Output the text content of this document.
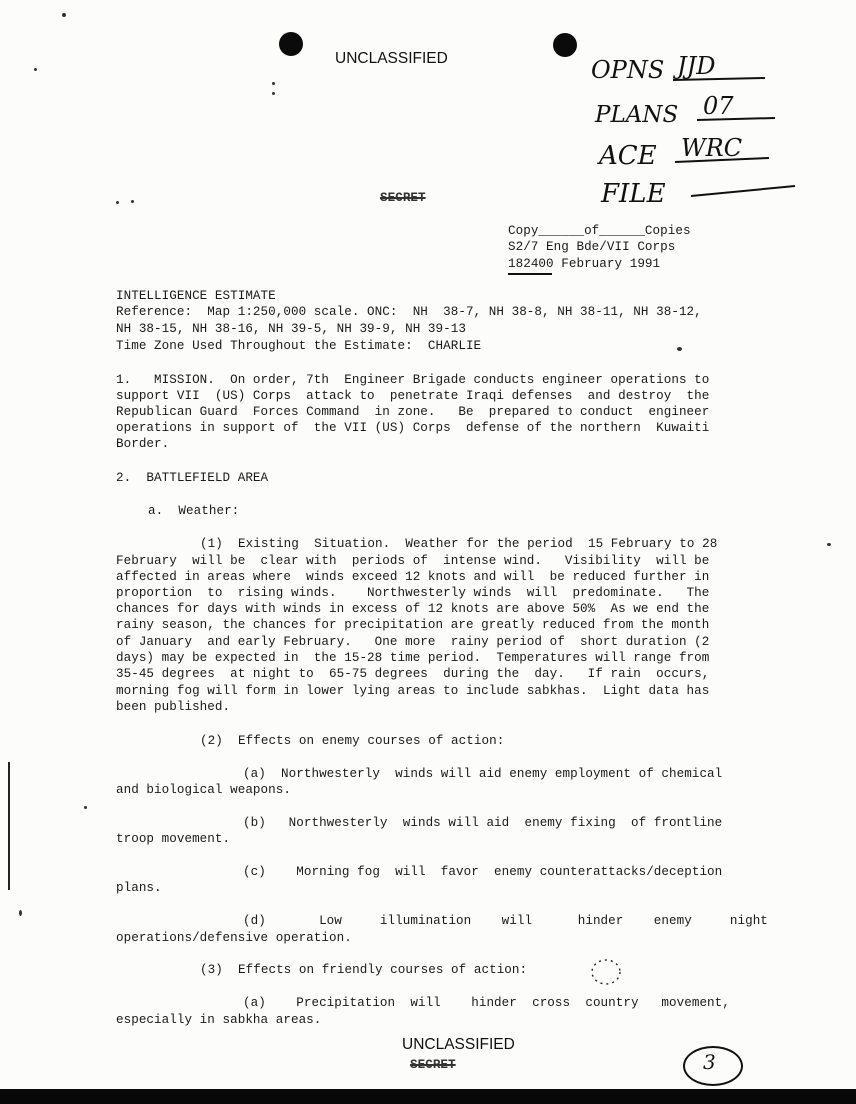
UNCLASSIFIED	OPNS JJD
PLANS 07
ACE WRC
FILE
SECRET
Copy______of______Copies
S2/7 Eng Bde/VII Corps
182400 February 1991
INTELLIGENCE ESTIMATE
Reference:  Map 1:250,000 scale. ONC:  NH  38-7, NH 38-8, NH 38-11, NH 38-12,
NH 38-15, NH 38-16, NH 39-5, NH 39-9, NH 39-13
Time Zone Used Throughout the Estimate:  CHARLIE
1.   MISSION.  On order, 7th  Engineer Brigade conducts engineer operations to
support VII  (US) Corps  attack to  penetrate Iraqi defenses  and destroy  the
Republican Guard  Forces Command  in zone.   Be  prepared to conduct  engineer
operations in support of  the VII (US) Corps  defense of the northern  Kuwaiti
Border.
2.  BATTLEFIELD AREA
a.  Weather:
(1)  Existing  Situation.  Weather for the period  15 February to 28
February  will be  clear with  periods of  intense wind.   Visibility  will be
affected in areas where  winds exceed 12 knots and will  be reduced further in
proportion  to  rising winds.    Northwesterly winds  will  predominate.   The
chances for days with winds in excess of 12 knots are above 50%  As we end the
rainy season, the chances for precipitation are greatly reduced from the month
of January  and early February.   One more  rainy period of  short duration (2
days) may be expected in  the 15-28 time period.  Temperatures will range from
35-45 degrees  at night to  65-75 degrees  during the  day.   If rain  occurs,
morning fog will form in lower lying areas to include sabkhas.  Light data has
been published.
(2)  Effects on enemy courses of action:
(a)  Northwesterly  winds will aid enemy employment of chemical
and biological weapons.
(b)   Northwesterly  winds will aid  enemy fixing  of frontline
troop movement.
(c)    Morning fog  will  favor  enemy counterattacks/deception
plans.
(d)       Low     illumination    will      hinder    enemy     night
operations/defensive operation.
(3)  Effects on friendly courses of action:
(a)    Precipitation  will    hinder  cross  country   movement,
especially in sabkha areas.
UNCLASSIFIED
SECRET	3
